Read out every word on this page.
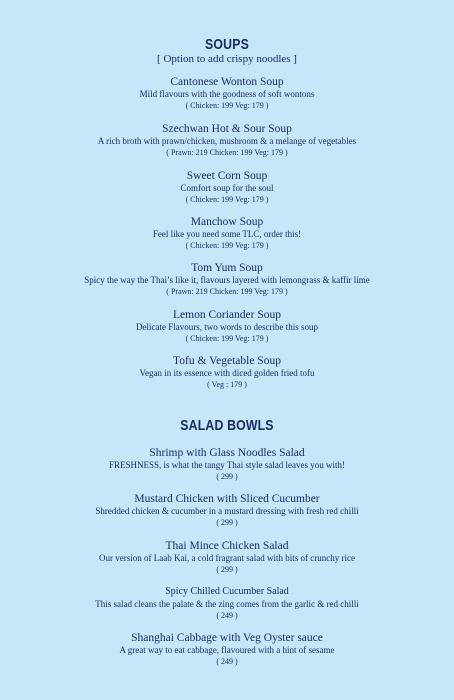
SOUPS
[ Option to add crispy noodles ]
Cantonese Wonton Soup
Mild flavours with the goodness of soft wontons
( Chicken: 199 Veg: 179 )
Szechwan Hot & Sour Soup
A rich broth with prawn/chicken, mushroom & a melange of vegetables
( Prawn: 219 Chicken: 199 Veg: 179 )
Sweet Corn Soup
Comfort soup for the soul
( Chicken: 199 Veg: 179 )
Manchow Soup
Feel like you need some TLC, order this!
( Chicken: 199 Veg: 179 )
Tom Yum Soup
Spicy the way the Thai’s like it, flavours layered with lemongrass & kaffir lime
( Prawn: 219 Chicken: 199 Veg: 179 )
Lemon Coriander Soup
Delicate Flavours, two words to describe this soup
( Chicken: 199 Veg: 179 )
Tofu & Vegetable Soup
Vegan in its essence with diced golden fried tofu
( Veg : 179 )
SALAD BOWLS
Shrimp with Glass Noodles Salad
FRESHNESS, is what the tangy Thai style salad leaves you with!
( 299 )
Mustard Chicken with Sliced Cucumber
Shredded chicken & cucumber in a mustard dressing with fresh red chilli
( 299 )
Thai Mince Chicken Salad
Our version of Laab Kai, a cold fragrant salad with bits of crunchy rice
( 299 )
Spicy Chilled Cucumber Salad
This salad cleans the palate & the zing comes from the garlic & red chilli
( 249 )
Shanghai Cabbage with Veg Oyster sauce
A great way to eat cabbage, flavoured with a hint of sesame
( 249 )
